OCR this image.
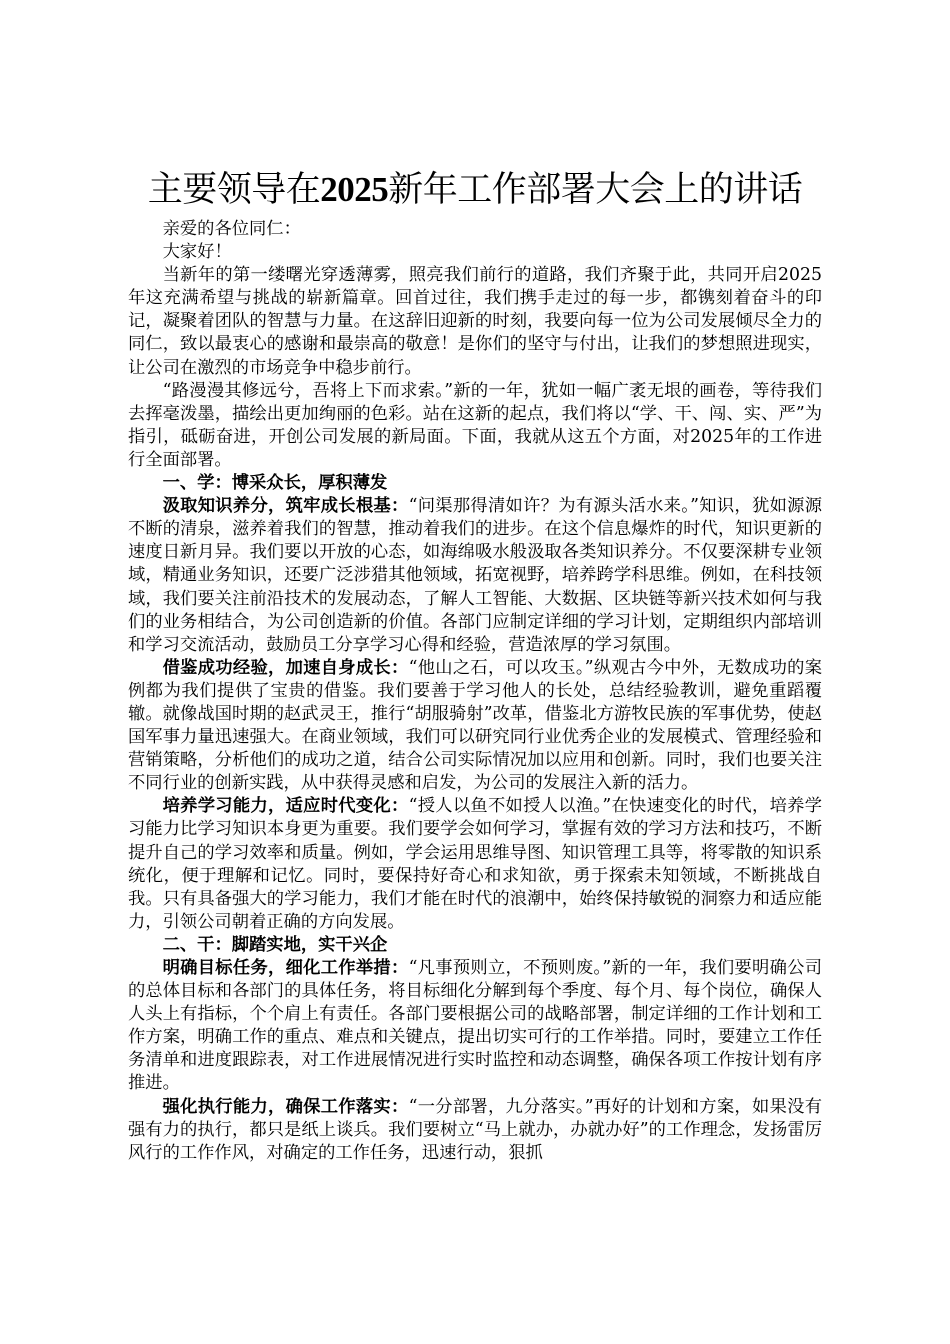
主要领导在2025新年工作部署大会上的讲话

亲爱的各位同仁：

大家好！

当新年的第一缕曙光穿透薄雾，照亮我们前行的道路，我们齐聚于此，共同开启2025年这充满希望与挑战的崭新篇章。回首过往，我们携手走过的每一步，都镌刻着奋斗的印记，凝聚着团队的智慧与力量。在这辞旧迎新的时刻，我要向每一位为公司发展倾尽全力的同仁，致以最衷心的感谢和最崇高的敬意！是你们的坚守与付出，让我们的梦想照进现实，让公司在激烈的市场竞争中稳步前行。

“路漫漫其修远兮，吾将上下而求索。”新的一年，犹如一幅广袤无垠的画卷，等待我们去挥毫泼墨，描绘出更加绚丽的色彩。站在这新的起点，我们将以“学、干、闯、实、严”为指引，砥砺奋进，开创公司发展的新局面。下面，我就从这五个方面，对2025年的工作进行全面部署。

一、学：博采众长，厚积薄发

汲取知识养分，筑牢成长根基：“问渠那得清如许？为有源头活水来。”知识，犹如源源不断的清泉，滋养着我们的智慧，推动着我们的进步。在这个信息爆炸的时代，知识更新的速度日新月异。我们要以开放的心态，如海绵吸水般汲取各类知识养分。不仅要深耕专业领域，精通业务知识，还要广泛涉猎其他领域，拓宽视野，培养跨学科思维。例如，在科技领域，我们要关注前沿技术的发展动态，了解人工智能、大数据、区块链等新兴技术如何与我们的业务相结合，为公司创造新的价值。各部门应制定详细的学习计划，定期组织内部培训和学习交流活动，鼓励员工分享学习心得和经验，营造浓厚的学习氛围。

借鉴成功经验，加速自身成长：“他山之石，可以攻玉。”纵观古今中外，无数成功的案例都为我们提供了宝贵的借鉴。我们要善于学习他人的长处，总结经验教训，避免重蹈覆辙。就像战国时期的赵武灵王，推行“胡服骑射”改革，借鉴北方游牧民族的军事优势，使赵国军事力量迅速强大。在商业领域，我们可以研究同行业优秀企业的发展模式、管理经验和营销策略，分析他们的成功之道，结合公司实际情况加以应用和创新。同时，我们也要关注不同行业的创新实践，从中获得灵感和启发，为公司的发展注入新的活力。

培养学习能力，适应时代变化：“授人以鱼不如授人以渔。”在快速变化的时代，培养学习能力比学习知识本身更为重要。我们要学会如何学习，掌握有效的学习方法和技巧，不断提升自己的学习效率和质量。例如，学会运用思维导图、知识管理工具等，将零散的知识系统化，便于理解和记忆。同时，要保持好奇心和求知欲，勇于探索未知领域，不断挑战自我。只有具备强大的学习能力，我们才能在时代的浪潮中，始终保持敏锐的洞察力和适应能力，引领公司朝着正确的方向发展。

二、干：脚踏实地，实干兴企

明确目标任务，细化工作举措：“凡事预则立，不预则废。”新的一年，我们要明确公司的总体目标和各部门的具体任务，将目标细化分解到每个季度、每个月、每个岗位，确保人人头上有指标，个个肩上有责任。各部门要根据公司的战略部署，制定详细的工作计划和工作方案，明确工作的重点、难点和关键点，提出切实可行的工作举措。同时，要建立工作任务清单和进度跟踪表，对工作进展情况进行实时监控和动态调整，确保各项工作按计划有序推进。

强化执行能力，确保工作落实：“一分部署，九分落实。”再好的计划和方案，如果没有强有力的执行，都只是纸上谈兵。我们要树立“马上就办，办就办好”的工作理念，发扬雷厉风行的工作作风，对确定的工作任务，迅速行动，狠抓
